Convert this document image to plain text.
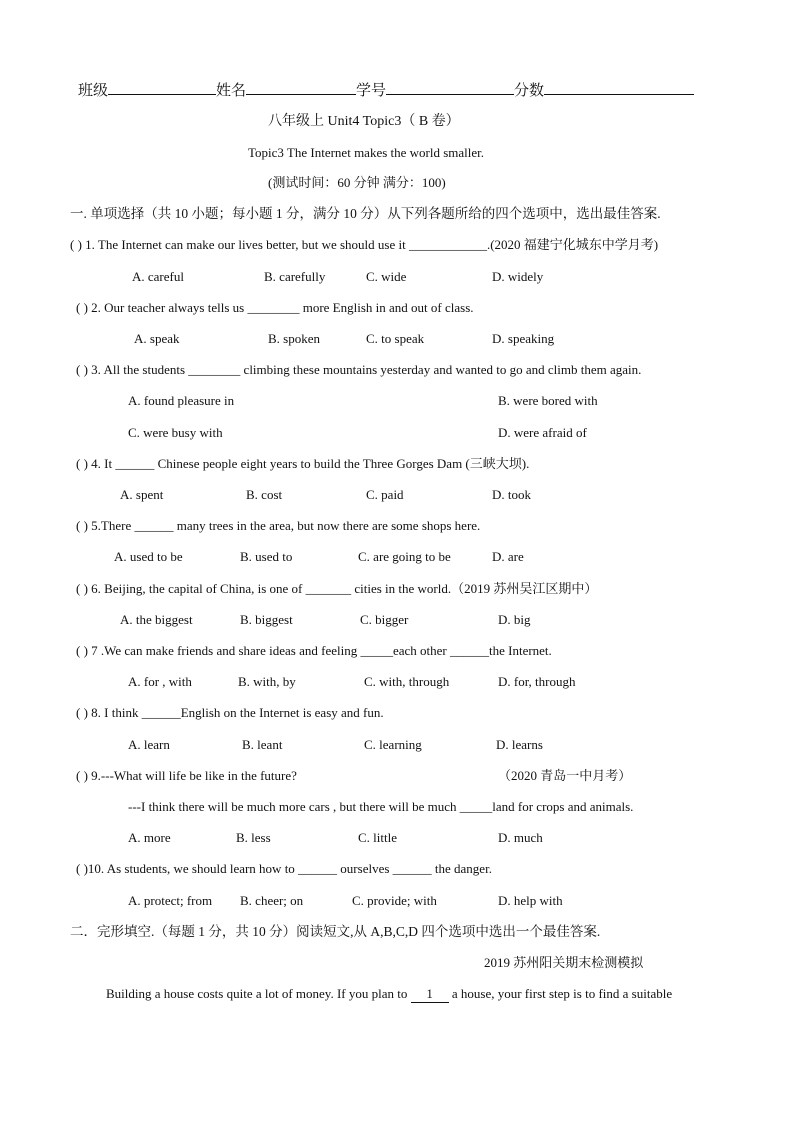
班级	姓名	学号	分数
八年级上 Unit4 Topic3（ B 卷）
Topic3 The Internet makes the world smaller.
(测试时间：60 分钟 满分：100)
一. 单项选择（共 10 小题；每小题 1 分，满分 10 分）从下列各题所给的四个选项中，选出最佳答案.
( ) 1. The Internet can make our lives better, but we should use it ____________.(2020 福建宁化城东中学月考)
A. careful	B. carefully	C. wide	D. widely
( ) 2. Our teacher always tells us ________ more English in and out of class.
A. speak	B. spoken	C. to speak	D. speaking
( ) 3. All the students ________ climbing these mountains yesterday and wanted to go and climb them again.
A. found pleasure in	B. were bored with
C. were busy with	D. were afraid of
( ) 4. It ______ Chinese people eight years to build the Three Gorges Dam (三峡大坝).
A. spent	B. cost	C. paid	D. took
( ) 5.There ______ many trees in the area, but now there are some shops here.
A. used to be	B. used to	C. are going to be	D. are
( ) 6. Beijing, the capital of China, is one of _______ cities in the world.（2019 苏州吴江区期中）
A. the biggest	B. biggest	C. bigger	D. big
( ) 7 .We can make friends and share ideas and feeling _____each other ______the Internet.
A. for , with	B. with, by	C. with, through	D. for, through
( ) 8. I think ______English on the Internet is easy and fun.
A. learn	B. leant	C. learning	D. learns
( ) 9.---What will life be like in the future?	（2020 青岛一中月考）
---I think there will be much more cars , but there will be much _____land for crops and animals.
A. more	B. less	C. little	D. much
( )10. As students, we should learn how to ______ ourselves ______ the danger.
A. protect; from B. cheer; on	C. provide; with	D. help with
二．完形填空.（每题 1 分，共 10 分）阅读短文,从 A,B,C,D 四个选项中选出一个最佳答案.
2019 苏州阳关期末检测模拟
Building a house costs quite a lot of money. If you plan to 1 a house, your first step is to find a suitable
